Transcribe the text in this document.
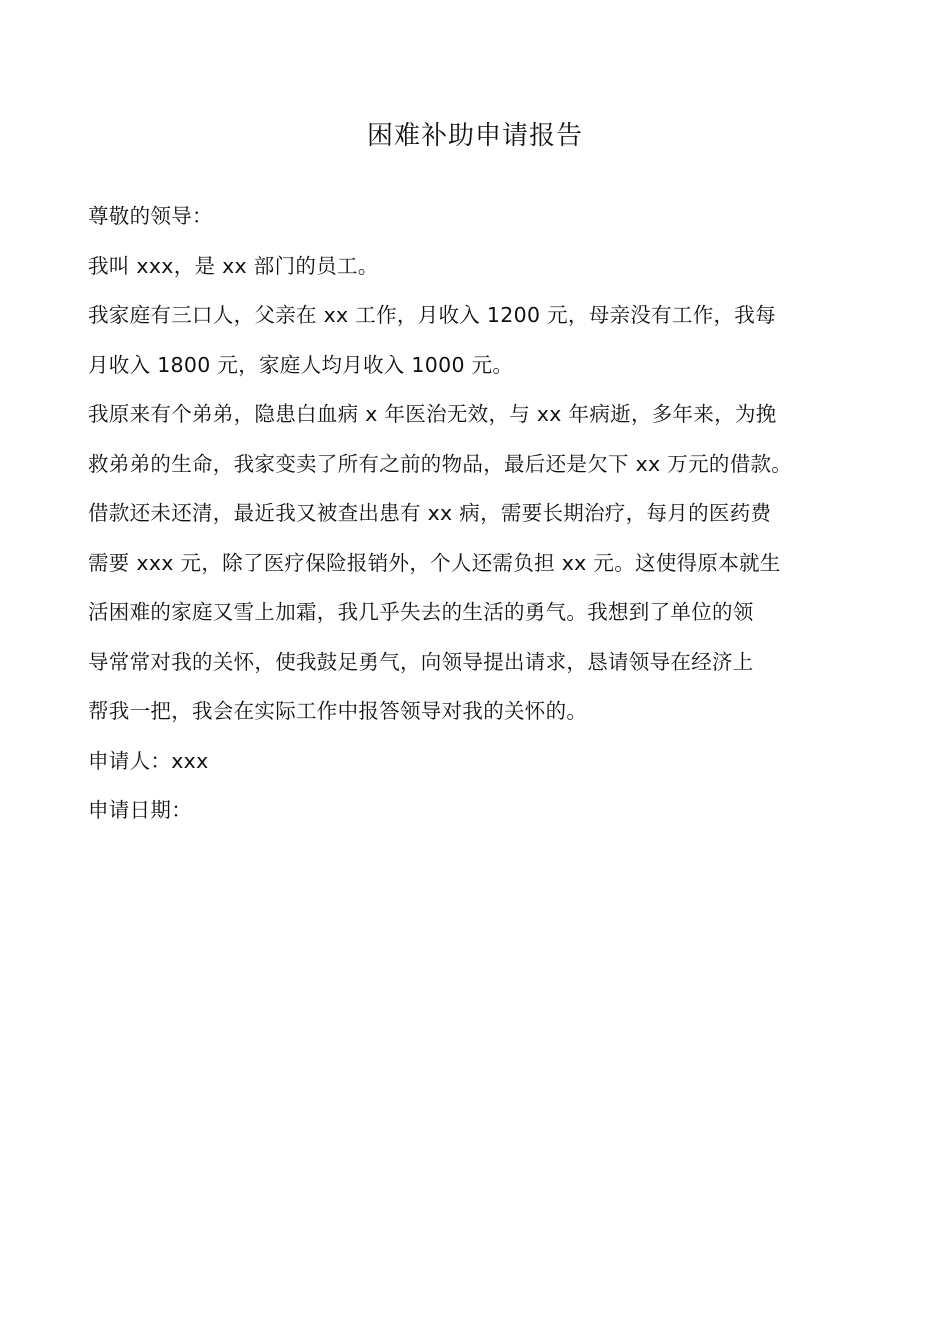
困难补助申请报告

尊敬的领导：

我叫 xxx，是 xx 部门的员工。

我家庭有三口人，父亲在 xx 工作，月收入 1200 元，母亲没有工作，我每

月收入 1800 元，家庭人均月收入 1000 元。

我原来有个弟弟，隐患白血病 x 年医治无效，与 xx 年病逝，多年来，为挽

救弟弟的生命，我家变卖了所有之前的物品，最后还是欠下 xx 万元的借款。

借款还未还清，最近我又被查出患有 xx 病，需要长期治疗，每月的医药费

需要 xxx 元，除了医疗保险报销外，个人还需负担 xx 元。这使得原本就生

活困难的家庭又雪上加霜，我几乎失去的生活的勇气。我想到了单位的领

导常常对我的关怀，使我鼓足勇气，向领导提出请求，恳请领导在经济上

帮我一把，我会在实际工作中报答领导对我的关怀的。

申请人：xxx

申请日期：
